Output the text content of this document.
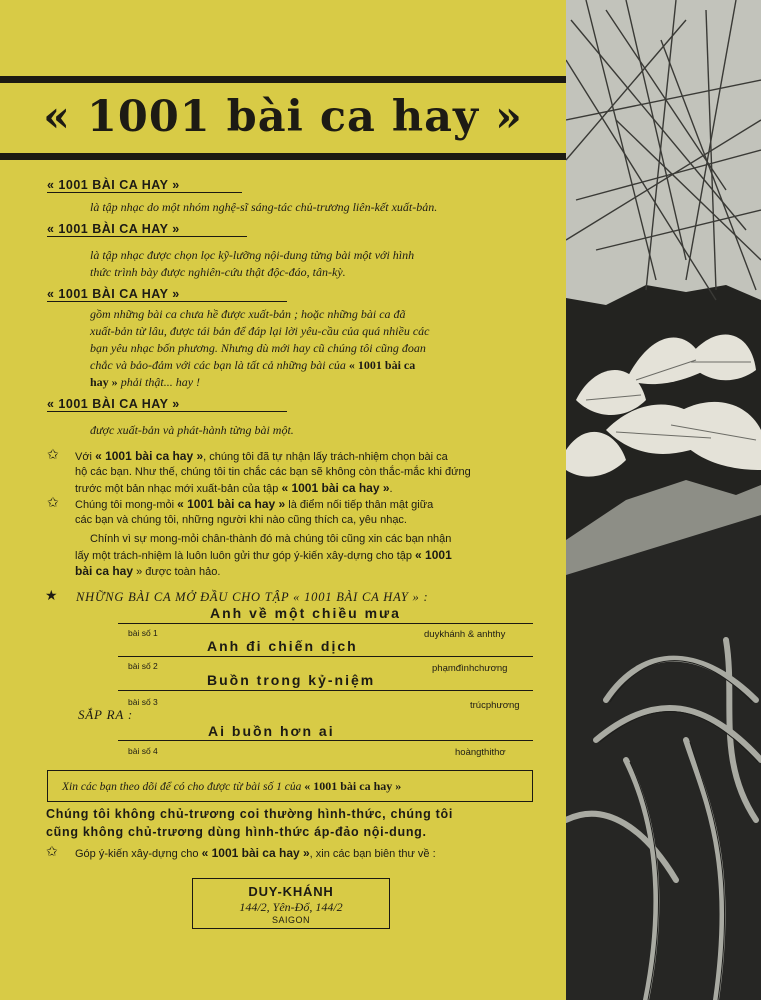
« 1001 bài ca hay »
« 1001 BÀI CA HAY »
là tập nhạc do một nhóm nghệ-sĩ sáng-tác chủ-trương liên-kết xuất-bản.
« 1001 BÀI CA HAY »
là tập nhạc được chọn lọc kỹ-lưỡng nội-dung từng bài một với hình
thức trình bày được nghiên-cứu thật độc-đáo, tân-kỳ.
« 1001 BÀI CA HAY »
gồm những bài ca chưa hề được xuất-bản ; hoặc những bài ca đã
xuất-bản từ lâu, được tái bản để đáp lại lời yêu-cầu của quá nhiều các
bạn yêu nhạc bốn phương. Nhưng dù mới hay cũ chúng tôi cũng đoan
chắc và bảo-đảm với các bạn là tất cả những bài của « 1001 bài ca
hay » phải thật... hay !
« 1001 BÀI CA HAY »
được xuất-bản và phát-hành từng bài một.
✩ Với « 1001 bài ca hay », chúng tôi đã tự nhận lấy trách-nhiệm chọn bài ca
hộ các bạn. Như thế, chúng tôi tin chắc các bạn sẽ không còn thắc-mắc khi đứng
trước một bản nhạc mới xuất-bản của tập « 1001 bài ca hay ».
✩ Chúng tôi mong-mỏi « 1001 bài ca hay » là điểm nối tiếp thân mật giữa
các bạn và chúng tôi, những người khi nào cũng thích ca, yêu nhạc.
Chính vì sự mong-mỏi chân-thành đó mà chúng tôi cũng xin các bạn nhận
lấy một trách-nhiệm là luôn luôn gửi thư góp ý-kiến xây-dựng cho tập « 1001
bài ca hay » được toàn hảo.
★ NHỮNG BÀI CA MỞ ĐẦU CHO TẬP « 1001 BÀI CA HAY » :
Anh về một chiều mưa
bài số 1	duykhánh & anhthy
Anh đi chiến dịch
bài số 2	phạmđìnhchương
Buồn trong kỷ-niệm
bài số 3	trúcphương
SẮP RA :
Ai buồn hơn ai
bài số 4	hoàngthithơ
Xin các bạn theo dõi để có cho được từ bài số 1 của « 1001 bài ca hay »
Chúng tôi không chủ-trương coi thường hình-thức, chúng tôi
cũng không chủ-trương dùng hình-thức áp-đảo nội-dung.
✩ Góp ý-kiến xây-dựng cho « 1001 bài ca hay », xin các bạn biên thư về :
DUY-KHÁNH
144/2, Yên-Đổ, 144/2
SAIGON
